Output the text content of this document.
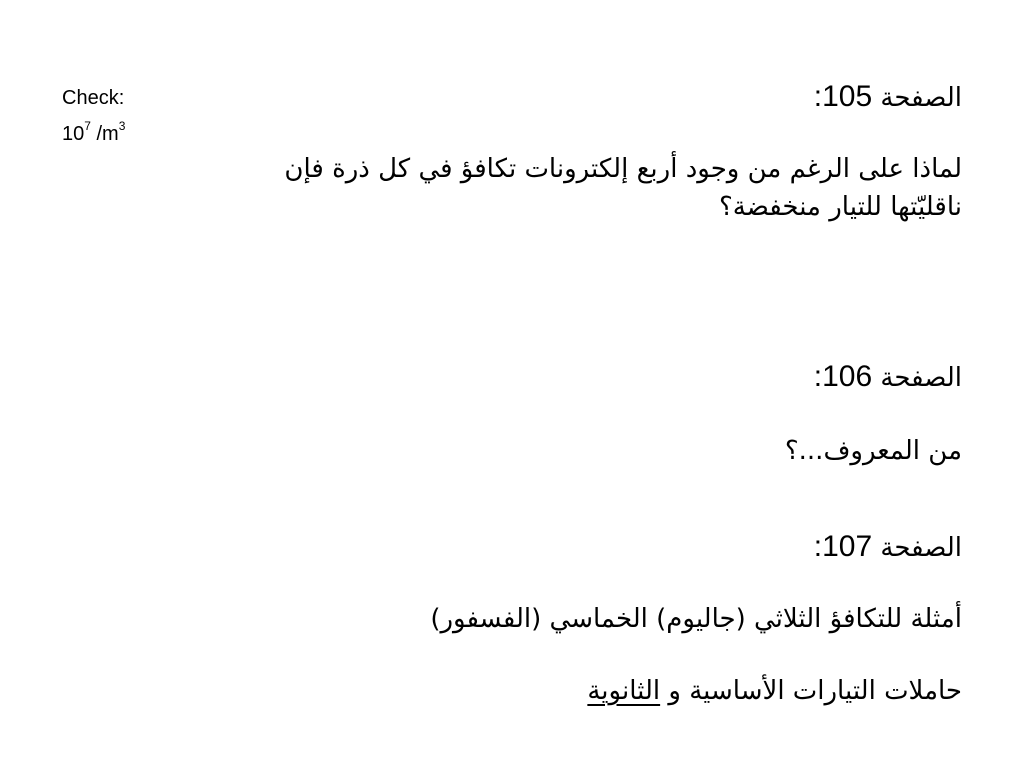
Check:
$10^7$ $/m^3$
الصفحة 105:
لماذا على الرغم من وجود أربع إلكترونات تكافؤ في كل ذرة فإن ناقليّتها للتيار منخفضة؟
الصفحة 106:
من المعروف...؟
الصفحة 107:
أمثلة للتكافؤ الثلاثي (جاليوم) الخماسي (الفسفور)
حاملات التيارات الأساسية و الثانوية
